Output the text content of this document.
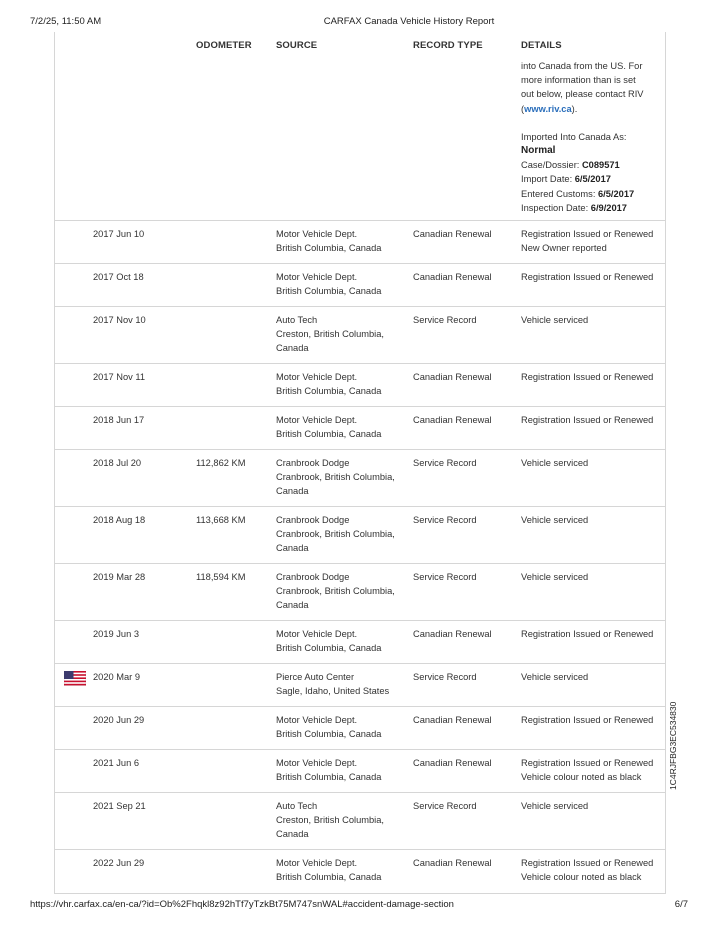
7/2/25, 11:50 AM	CARFAX Canada Vehicle History Report
ODOMETER	SOURCE	RECORD TYPE	DETAILS
into Canada from the US. For
more information than is set
out below, please contact RIV
(www.riv.ca).
Imported Into Canada As:
Normal
Case/Dossier: C089571
Import Date: 6/5/2017
Entered Customs: 6/5/2017
Inspection Date: 6/9/2017
2017 Jun 10	Motor Vehicle Dept.
British Columbia, Canada
Canadian Renewal	Registration Issued or Renewed
New Owner reported
2017 Oct 18	Motor Vehicle Dept.
British Columbia, Canada
Canadian Renewal	Registration Issued or Renewed
2017 Nov 10	Auto Tech
Creston, British Columbia,
Canada
Service Record	Vehicle serviced
2017 Nov 11	Motor Vehicle Dept.
British Columbia, Canada
Canadian Renewal	Registration Issued or Renewed
2018 Jun 17	Motor Vehicle Dept.
British Columbia, Canada
Canadian Renewal	Registration Issued or Renewed
2018 Jul 20	112,862 KM	Cranbrook Dodge
Cranbrook, British Columbia,
Canada
Service Record	Vehicle serviced
2018 Aug 18	113,668 KM	Cranbrook Dodge
Cranbrook, British Columbia,
Canada
Service Record	Vehicle serviced
2019 Mar 28	118,594 KM	Cranbrook Dodge
Cranbrook, British Columbia,
Canada
Service Record	Vehicle serviced
2019 Jun 3	Motor Vehicle Dept.
British Columbia, Canada
Canadian Renewal	Registration Issued or Renewed
2020 Mar 9	Pierce Auto Center
Sagle, Idaho, United States
Service Record	Vehicle serviced
2020 Jun 29	Motor Vehicle Dept.
British Columbia, Canada
Canadian Renewal	Registration Issued or Renewed
2021 Jun 6	Motor Vehicle Dept.
British Columbia, Canada
Canadian Renewal	Registration Issued or Renewed
Vehicle colour noted as black
2021 Sep 21	Auto Tech
Creston, British Columbia,
Canada
Service Record	Vehicle serviced
2022 Jun 29	Motor Vehicle Dept.
British Columbia, Canada
Canadian Renewal	Registration Issued or Renewed
Vehicle colour noted as black
1C4RJFBG3EC534830
https://vhr.carfax.ca/en-ca/?id=Ob%2Fhqkl8z92hTf7yTzkBt75M747snWAL#accident-damage-section	6/7
